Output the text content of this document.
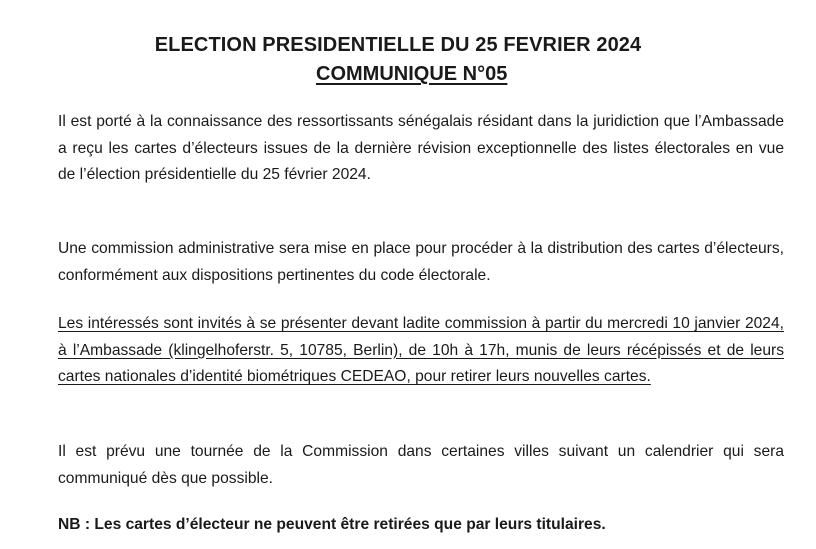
ELECTION PRESIDENTIELLE DU 25 FEVRIER 2024
COMMUNIQUE N°05

Il est porté à la connaissance des ressortissants sénégalais résidant dans la juridiction que l’Ambassade a reçu les cartes d’électeurs issues de la dernière révision exceptionnelle des listes électorales en vue de l’élection présidentielle du 25 février 2024.

Une commission administrative sera mise en place pour procéder à la distribution des cartes d’électeurs, conformément aux dispositions pertinentes du code électorale.

Les intéressés sont invités à se présenter devant ladite commission à partir du mercredi 10 janvier 2024, à l’Ambassade (klingelhoferstr. 5, 10785, Berlin), de 10h à 17h, munis de leurs récépissés et de leurs cartes nationales d’identité biométriques CEDEAO, pour retirer leurs nouvelles cartes.

Il est prévu une tournée de la Commission dans certaines villes suivant un calendrier qui sera communiqué dès que possible.

NB : Les cartes d’électeur ne peuvent être retirées que par leurs titulaires.
